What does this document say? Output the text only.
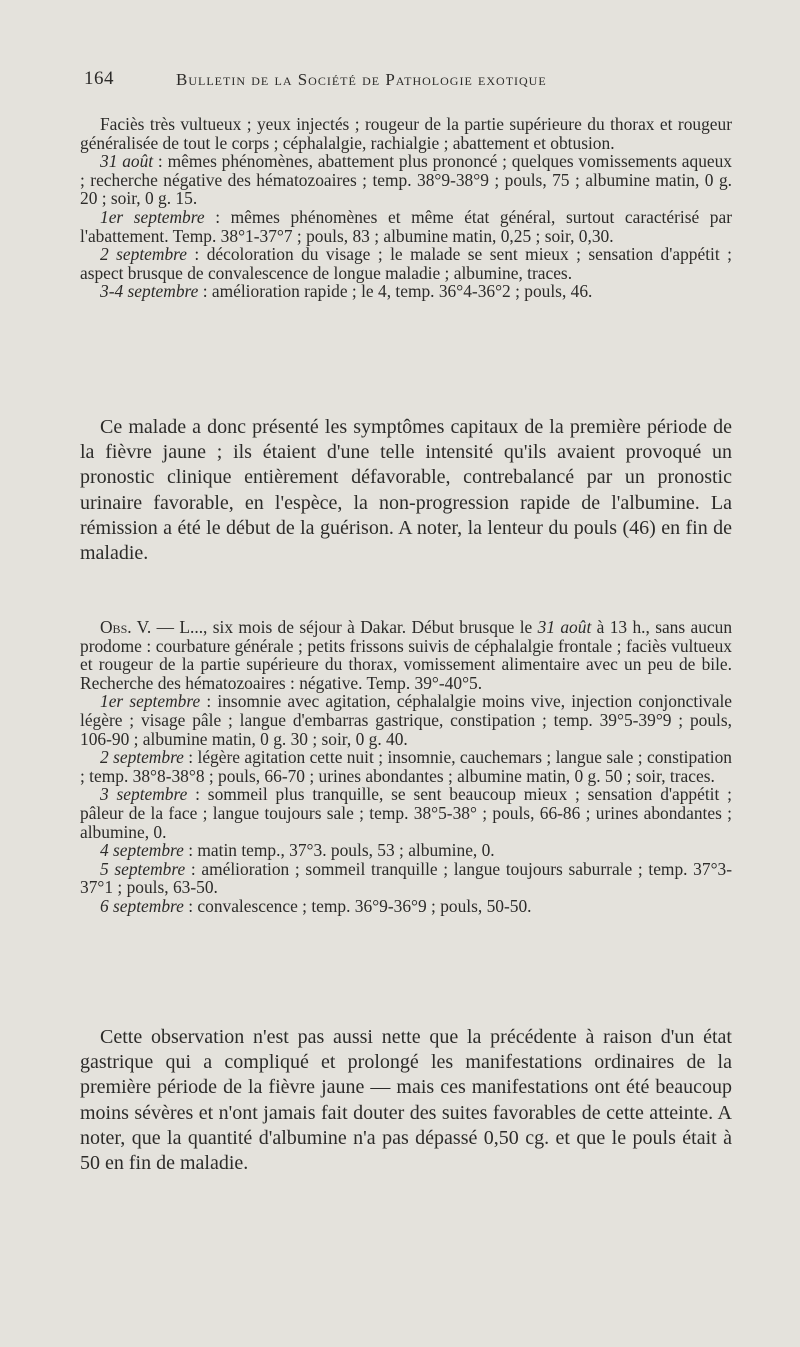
164	Bulletin de la Société de Pathologie exotique

Faciès très vultueux ; yeux injectés ; rougeur de la partie supérieure du thorax et rougeur généralisée de tout le corps ; céphalalgie, rachialgie ; abattement et obtusion.

31 août : mêmes phénomènes, abattement plus prononcé ; quelques vomissements aqueux ; recherche négative des hématozoaires ; temp. 38°9-38°9 ; pouls, 75 ; albumine matin, 0 g. 20 ; soir, 0 g. 15.

1er septembre : mêmes phénomènes et même état général, surtout caractérisé par l'abattement. Temp. 38°1-37°7 ; pouls, 83 ; albumine matin, 0,25 ; soir, 0,30.

2 septembre : décoloration du visage ; le malade se sent mieux ; sensation d'appétit ; aspect brusque de convalescence de longue maladie ; albumine, traces.

3-4 septembre : amélioration rapide ; le 4, temp. 36°4-36°2 ; pouls, 46.

Ce malade a donc présenté les symptômes capitaux de la première période de la fièvre jaune ; ils étaient d'une telle intensité qu'ils avaient provoqué un pronostic clinique entièrement défavorable, contrebalancé par un pronostic urinaire favorable, en l'espèce, la non-progression rapide de l'albumine. La rémission a été le début de la guérison. A noter, la lenteur du pouls (46) en fin de maladie.

Obs. V. — L..., six mois de séjour à Dakar. Début brusque le 31 août à 13 h., sans aucun prodome : courbature générale ; petits frissons suivis de céphalalgie frontale ; faciès vultueux et rougeur de la partie supérieure du thorax, vomissement alimentaire avec un peu de bile. Recherche des hématozoaires : négative. Temp. 39°-40°5.

1er septembre : insomnie avec agitation, céphalalgie moins vive, injection conjonctivale légère ; visage pâle ; langue d'embarras gastrique, constipation ; temp. 39°5-39°9 ; pouls, 106-90 ; albumine matin, 0 g. 30 ; soir, 0 g. 40.

2 septembre : légère agitation cette nuit ; insomnie, cauchemars ; langue sale ; constipation ; temp. 38°8-38°8 ; pouls, 66-70 ; urines abondantes ; albumine matin, 0 g. 50 ; soir, traces.

3 septembre : sommeil plus tranquille, se sent beaucoup mieux ; sensation d'appétit ; pâleur de la face ; langue toujours sale ; temp. 38°5-38° ; pouls, 66-86 ; urines abondantes ; albumine, 0.

4 septembre : matin temp., 37°3. pouls, 53 ; albumine, 0.

5 septembre : amélioration ; sommeil tranquille ; langue toujours saburrale ; temp. 37°3-37°1 ; pouls, 63-50.

6 septembre : convalescence ; temp. 36°9-36°9 ; pouls, 50-50.

Cette observation n'est pas aussi nette que la précédente à raison d'un état gastrique qui a compliqué et prolongé les manifestations ordinaires de la première période de la fièvre jaune — mais ces manifestations ont été beaucoup moins sévères et n'ont jamais fait douter des suites favorables de cette atteinte. A noter, que la quantité d'albumine n'a pas dépassé 0,50 cg. et que le pouls était à 50 en fin de maladie.
